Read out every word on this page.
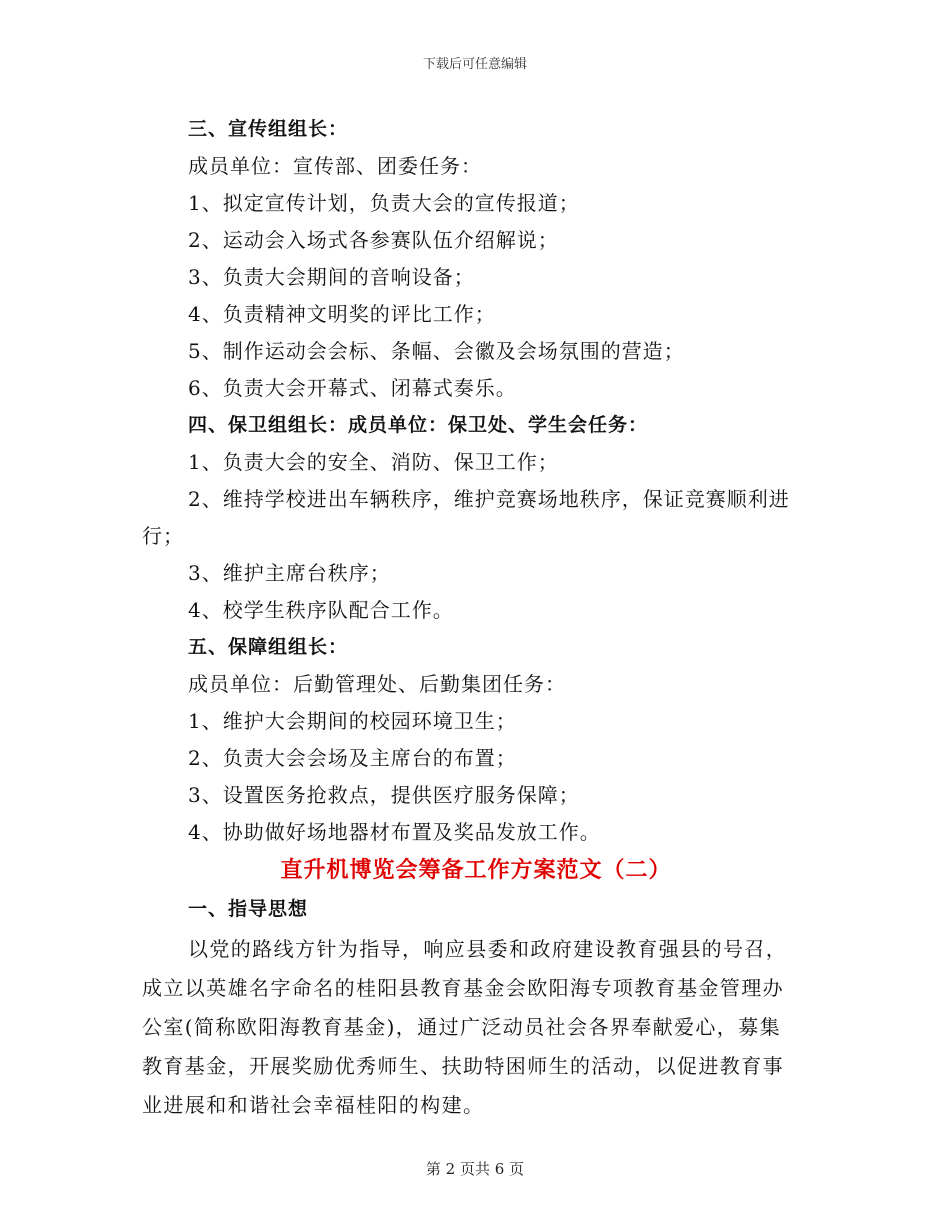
下载后可任意编辑
三、宣传组组长：
成员单位：宣传部、团委任务：
1、拟定宣传计划，负责大会的宣传报道；
2、运动会入场式各参赛队伍介绍解说；
3、负责大会期间的音响设备；
4、负责精神文明奖的评比工作；
5、制作运动会会标、条幅、会徽及会场氛围的营造；
6、负责大会开幕式、闭幕式奏乐。
四、保卫组组长：成员单位：保卫处、学生会任务：
1、负责大会的安全、消防、保卫工作；
2、维持学校进出车辆秩序，维护竞赛场地秩序，保证竞赛顺利进
行；
3、维护主席台秩序；
4、校学生秩序队配合工作。
五、保障组组长：
成员单位：后勤管理处、后勤集团任务：
1、维护大会期间的校园环境卫生；
2、负责大会会场及主席台的布置；
3、设置医务抢救点，提供医疗服务保障；
4、协助做好场地器材布置及奖品发放工作。
直升机博览会筹备工作方案范文（二）
一、指导思想
以党的路线方针为指导，响应县委和政府建设教育强县的号召，
成立以英雄名字命名的桂阳县教育基金会欧阳海专项教育基金管理办
公室(简称欧阳海教育基金)，通过广泛动员社会各界奉献爱心，募集
教育基金，开展奖励优秀师生、扶助特困师生的活动，以促进教育事
业进展和和谐社会幸福桂阳的构建。
第 2 页共 6 页
